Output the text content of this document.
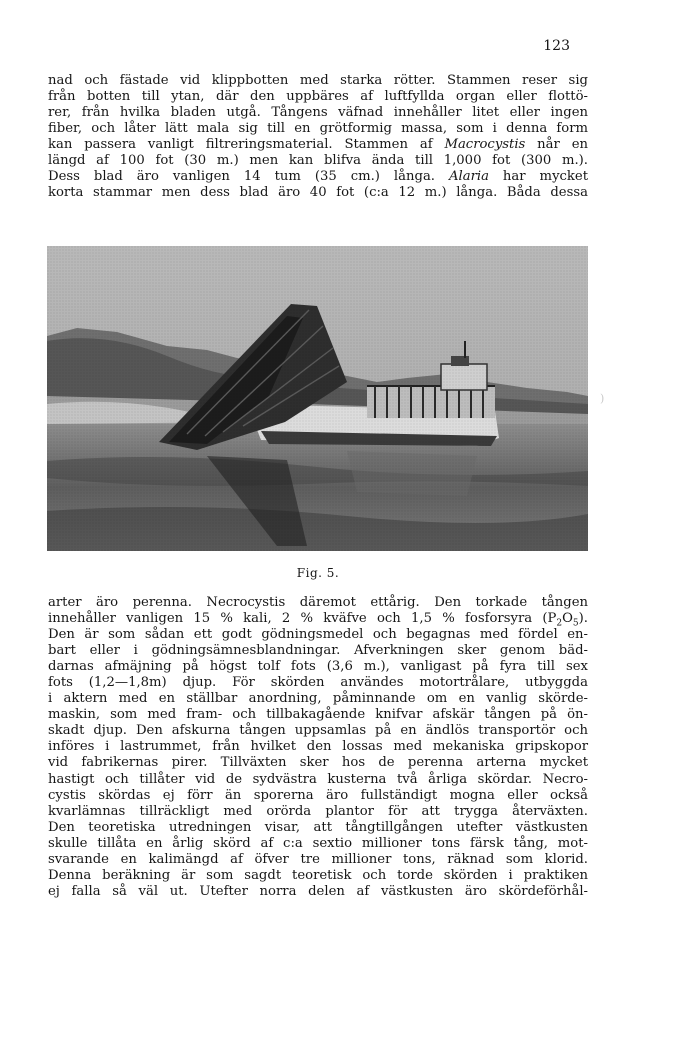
123
nad och fästade vid klippbotten med starka rötter. Stammen reser sig
från botten till ytan, där den uppbäres af luftfyllda organ eller flottö-
rer, från hvilka bladen utgå. Tångens väfnad innehåller litet eller ingen
fiber, och låter lätt mala sig till en grötformig massa, som i denna form
kan passera vanligt filtreringsmaterial. Stammen af Macrocystis når en
längd af 100 fot (30 m.) men kan blifva ända till 1,000 fot (300 m.).
Dess blad äro vanligen 14 tum (35 cm.) långa. Alaria har mycket
korta stammar men dess blad äro 40 fot (c:a 12 m.) långa. Båda dessa
Fig. 5.
)
arter äro perenna. Necrocystis däremot ettårig. Den torkade tången
innehåller vanligen 15 % kali, 2 % kväfve och 1,5 % fosforsyra $(P_2O_5)$.
Den är som sådan ett godt gödningsmedel och begagnas med fördel en-
bart eller i gödningsämnesblandningar. Afverkningen sker genom bäd-
darnas afmäjning på högst tolf fots (3,6 m.), vanligast på fyra till sex
fots (1,2—1,8m) djup. För skörden användes motortrålare, utbyggda
i aktern med en ställbar anordning, påminnande om en vanlig skörde-
maskin, som med fram- och tillbakagående knifvar afskär tången på ön-
skadt djup. Den afskurna tången uppsamlas på en ändlös transportör och
införes i lastrummet, från hvilket den lossas med mekaniska gripskopor
vid fabrikernas pirer. Tillväxten sker hos de perenna arterna mycket
hastigt och tillåter vid de sydvästra kusterna två årliga skördar. Necro-
cystis skördas ej förr än sporerna äro fullständigt mogna eller också
kvarlämnas tillräckligt med orörda plantor för att trygga återväxten.
Den teoretiska utredningen visar, att tångtillgången utefter västkusten
skulle tillåta en årlig skörd af c:a sextio millioner tons färsk tång, mot-
svarande en kalimängd af öfver tre millioner tons, räknad som klorid.
Denna beräkning är som sagdt teoretisk och torde skörden i praktiken
ej falla så väl ut. Utefter norra delen af västkusten äro skördeförhål-
